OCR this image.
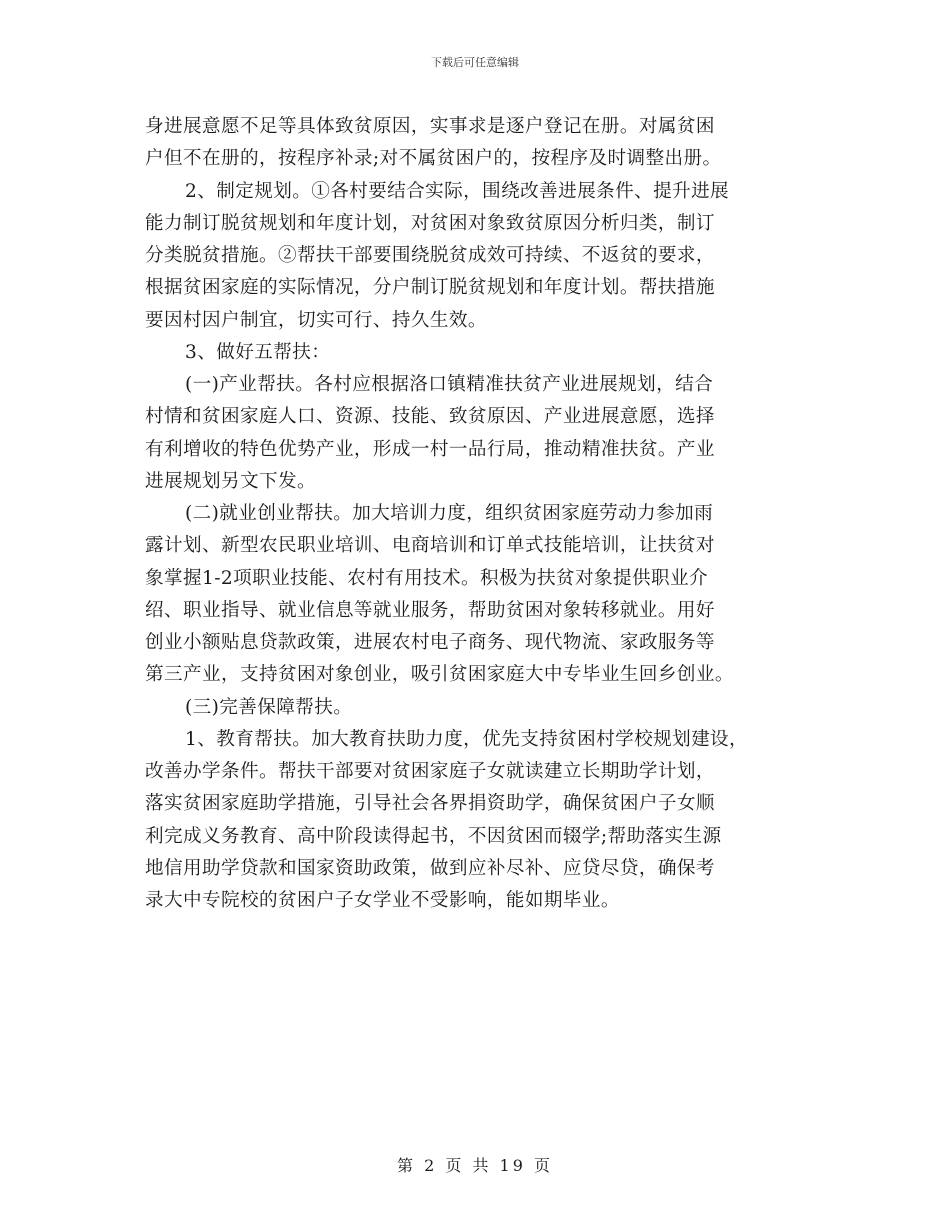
下载后可任意编辑
身进展意愿不足等具体致贫原因，实事求是逐户登记在册。对属贫困
户但不在册的，按程序补录;对不属贫困户的，按程序及时调整出册。
2、制定规划。①各村要结合实际，围绕改善进展条件、提升进展
能力制订脱贫规划和年度计划，对贫困对象致贫原因分析归类，制订
分类脱贫措施。②帮扶干部要围绕脱贫成效可持续、不返贫的要求，
根据贫困家庭的实际情况，分户制订脱贫规划和年度计划。帮扶措施
要因村因户制宜，切实可行、持久生效。
3、做好五帮扶：
(一)产业帮扶。各村应根据洛口镇精准扶贫产业进展规划，结合
村情和贫困家庭人口、资源、技能、致贫原因、产业进展意愿，选择
有利增收的特色优势产业，形成一村一品行局，推动精准扶贫。产业
进展规划另文下发。
(二)就业创业帮扶。加大培训力度，组织贫困家庭劳动力参加雨
露计划、新型农民职业培训、电商培训和订单式技能培训，让扶贫对
象掌握1-2项职业技能、农村有用技术。积极为扶贫对象提供职业介
绍、职业指导、就业信息等就业服务，帮助贫困对象转移就业。用好
创业小额贴息贷款政策，进展农村电子商务、现代物流、家政服务等
第三产业，支持贫困对象创业，吸引贫困家庭大中专毕业生回乡创业。
(三)完善保障帮扶。
1、教育帮扶。加大教育扶助力度，优先支持贫困村学校规划建设，
改善办学条件。帮扶干部要对贫困家庭子女就读建立长期助学计划，
落实贫困家庭助学措施，引导社会各界捐资助学，确保贫困户子女顺
利完成义务教育、高中阶段读得起书，不因贫困而辍学;帮助落实生源
地信用助学贷款和国家资助政策，做到应补尽补、应贷尽贷，确保考
录大中专院校的贫困户子女学业不受影响，能如期毕业。
第 2 页 共 19 页
